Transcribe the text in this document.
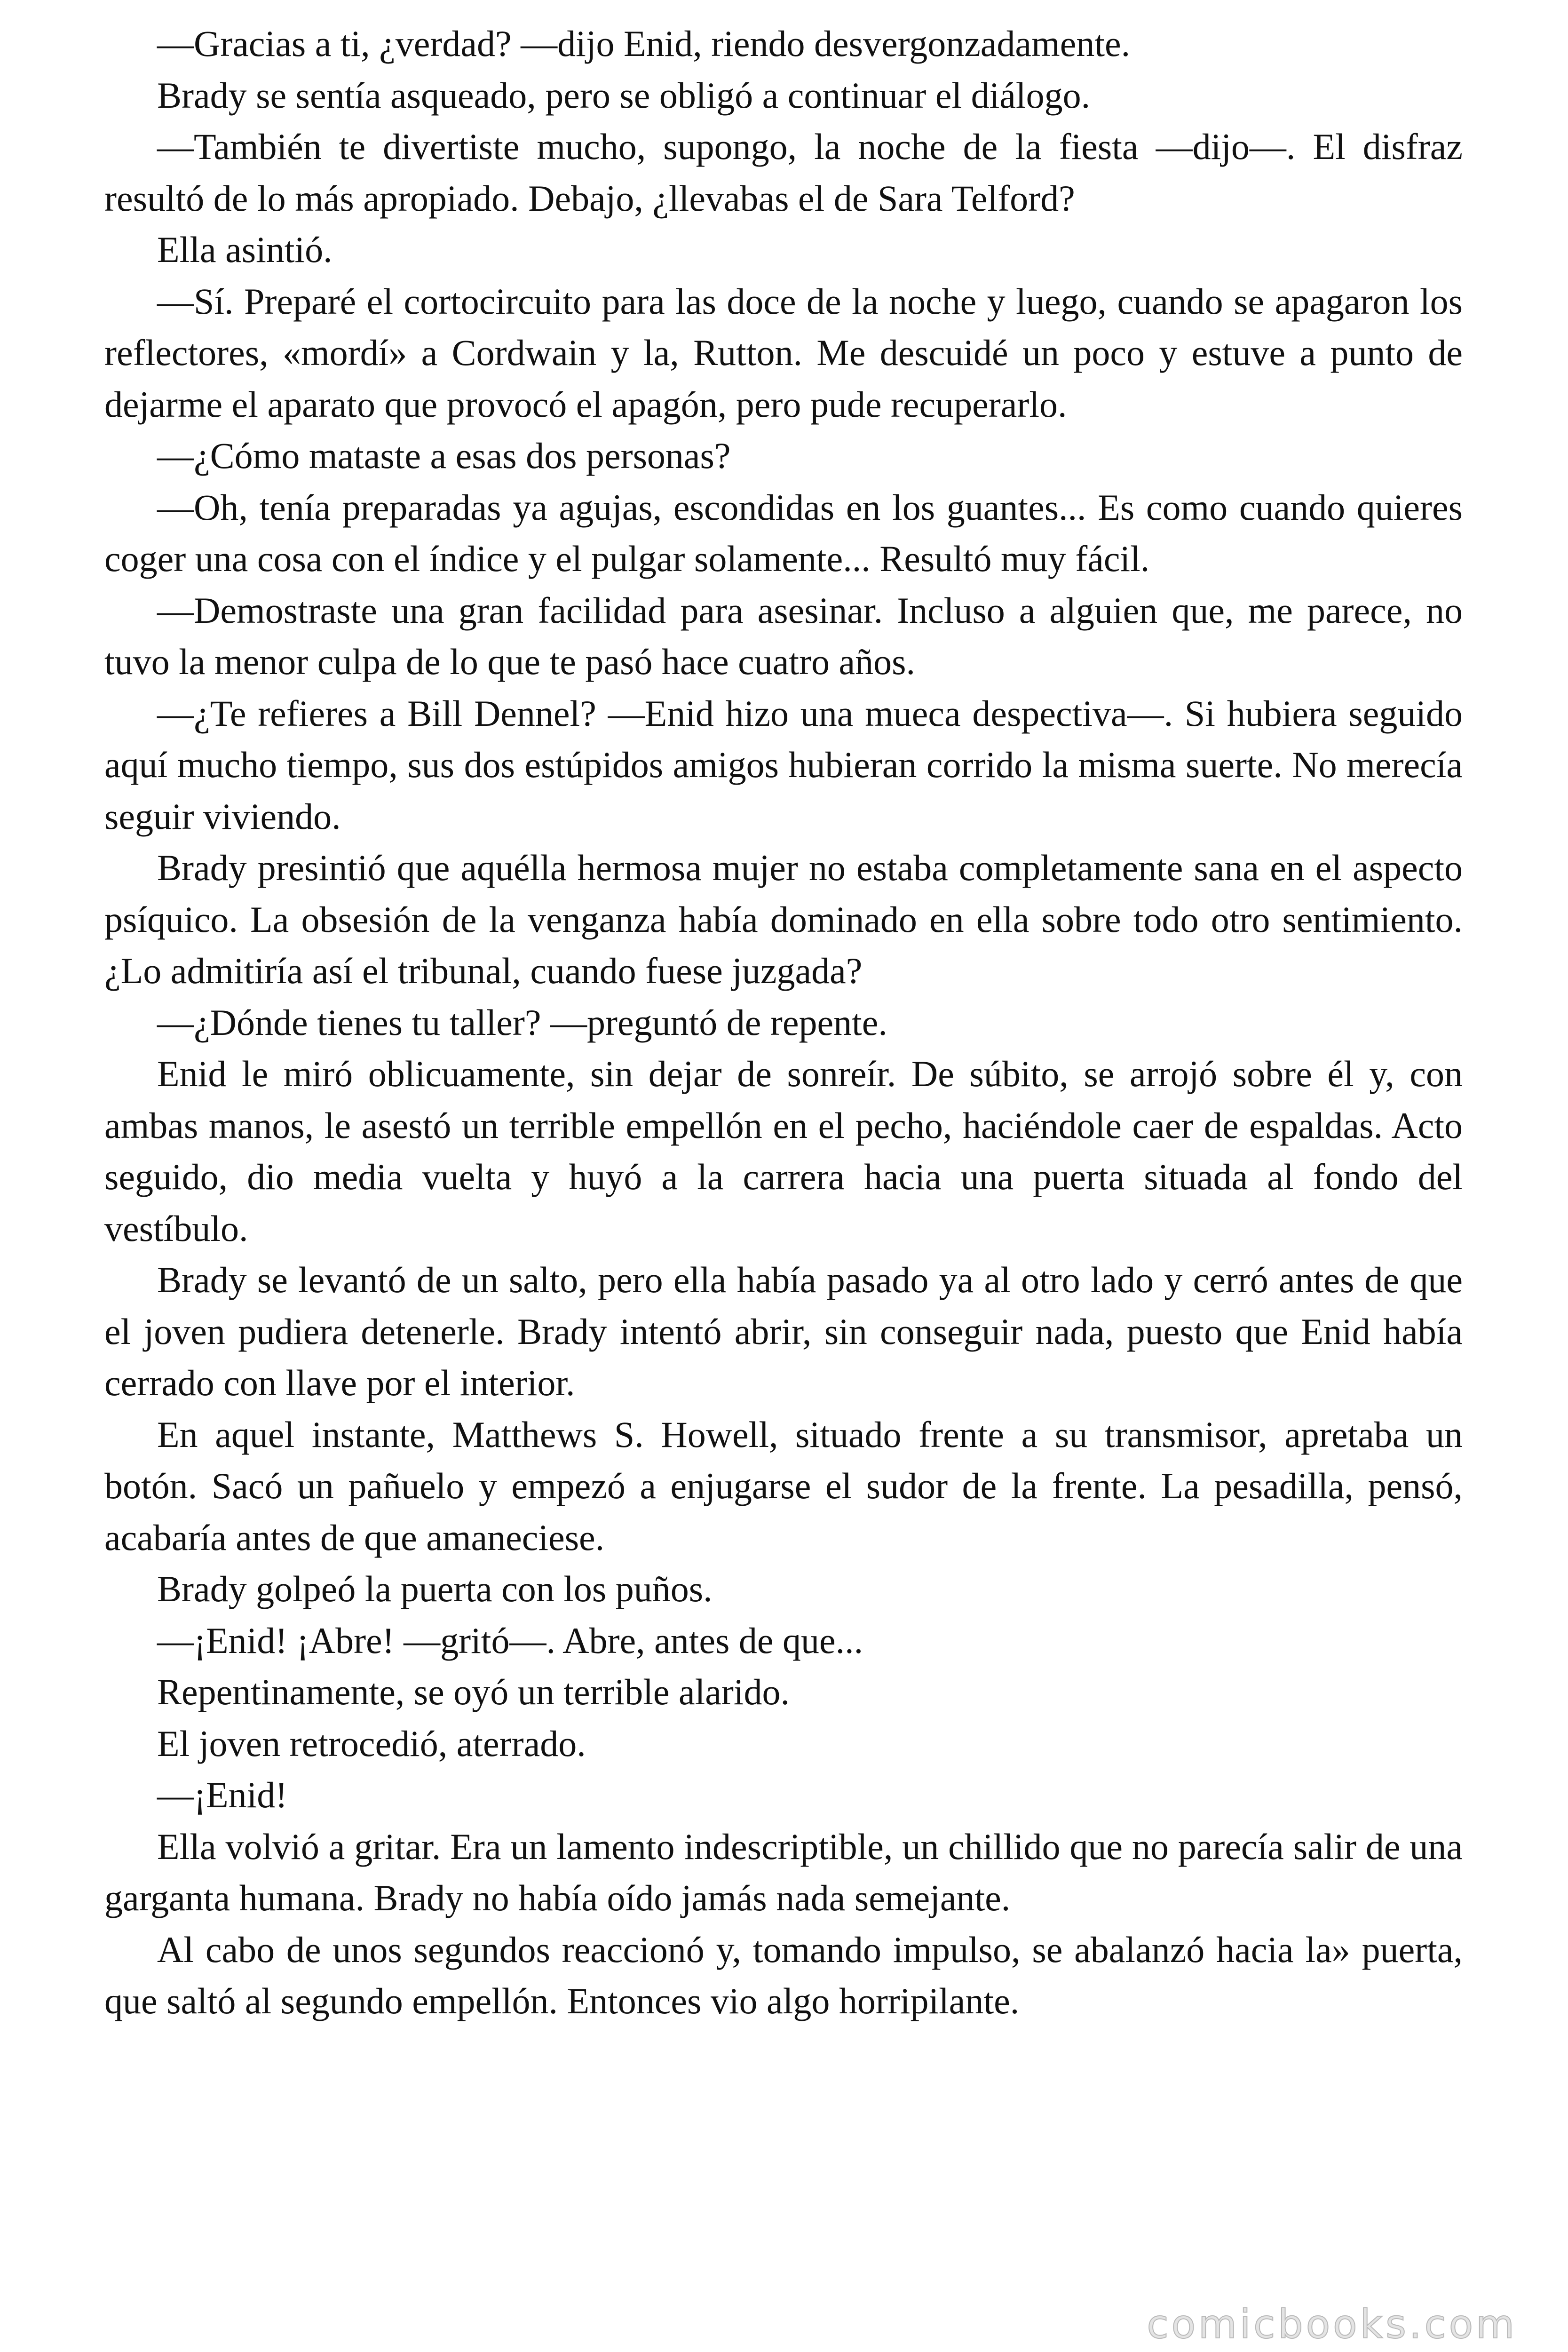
—Gracias a ti, ¿verdad? —dijo Enid, riendo desvergonzadamente.

Brady se sentía asqueado, pero se obligó a continuar el diálogo.

—También te divertiste mucho, supongo, la noche de la fiesta —dijo—. El disfraz resultó de lo más apropiado. Debajo, ¿llevabas el de Sara Telford?

Ella asintió.

—Sí. Preparé el cortocircuito para las doce de la noche y luego, cuando se apagaron los reflectores, «mordí» a Cordwain y la, Rutton. Me descuidé un poco y estuve a punto de dejarme el aparato que provocó el apagón, pero pude recuperarlo.

—¿Cómo mataste a esas dos personas?

—Oh, tenía preparadas ya agujas, escondidas en los guantes... Es como cuando quieres coger una cosa con el índice y el pulgar solamente... Resultó muy fácil.

—Demostraste una gran facilidad para asesinar. Incluso a alguien que, me parece, no tuvo la menor culpa de lo que te pasó hace cuatro años.

—¿Te refieres a Bill Dennel? —Enid hizo una mueca despectiva—. Si hubiera seguido aquí mucho tiempo, sus dos estúpidos amigos hubieran corrido la misma suerte. No merecía seguir viviendo.

Brady presintió que aquélla hermosa mujer no estaba completamente sana en el aspecto psíquico. La obsesión de la venganza había dominado en ella sobre todo otro sentimiento. ¿Lo admitiría así el tribunal, cuando fuese juzgada?

—¿Dónde tienes tu taller? —preguntó de repente.

Enid le miró oblicuamente, sin dejar de sonreír. De súbito, se arrojó sobre él y, con ambas manos, le asestó un terrible empellón en el pecho, haciéndole caer de espaldas. Acto seguido, dio media vuelta y huyó a la carrera hacia una puerta situada al fondo del vestíbulo.

Brady se levantó de un salto, pero ella había pasado ya al otro lado y cerró antes de que el joven pudiera detenerle. Brady intentó abrir, sin conseguir nada, puesto que Enid había cerrado con llave por el interior.

En aquel instante, Matthews S. Howell, situado frente a su transmisor, apretaba un botón. Sacó un pañuelo y empezó a enjugarse el sudor de la frente. La pesadilla, pensó, acabaría antes de que amaneciese.

Brady golpeó la puerta con los puños.

—¡Enid! ¡Abre! —gritó—. Abre, antes de que...

Repentinamente, se oyó un terrible alarido.

El joven retrocedió, aterrado.

—¡Enid!

Ella volvió a gritar. Era un lamento indescriptible, un chillido que no parecía salir de una garganta humana. Brady no había oído jamás nada semejante.

Al cabo de unos segundos reaccionó y, tomando impulso, se abalanzó hacia la» puerta, que saltó al segundo empellón. Entonces vio algo horripilante.

comicbooks.com
